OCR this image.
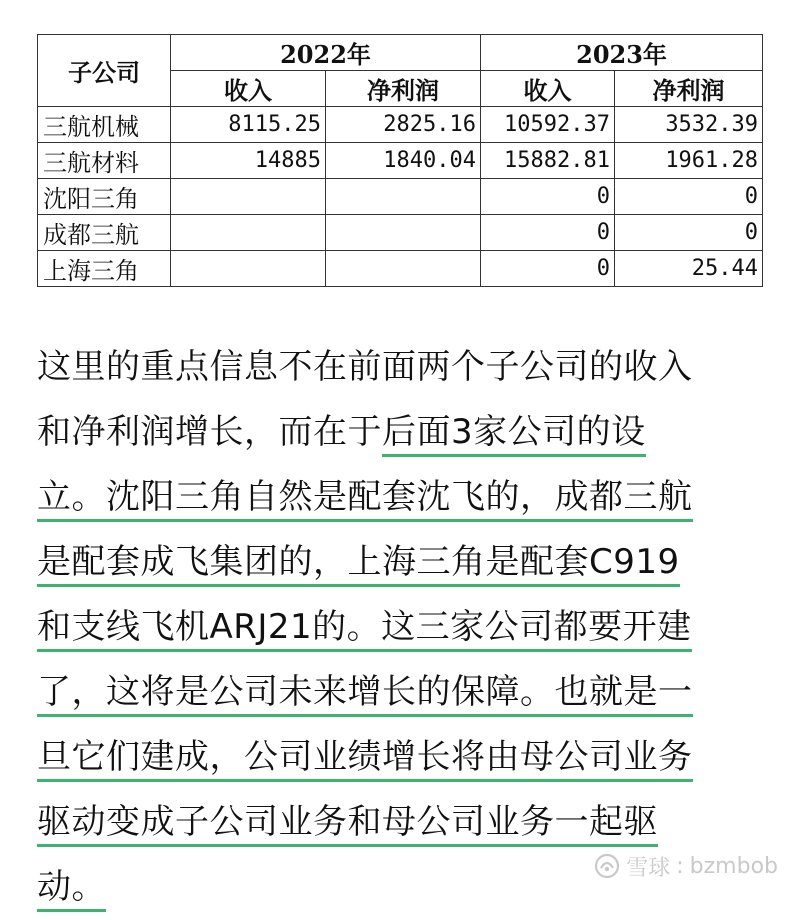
子公司	2022年		2023年	
	收入	净利润	收入	净利润
三航机械	8115.25	2825.16	10592.37	3532.39
三航材料	14885	1840.04	15882.81	1961.28
沈阳三角			0	0
成都三航			0	0
上海三角			0	25.44
这里的重点信息不在前面两个子公司的收入
和净利润增长，而在于后面3家公司的设
立。沈阳三角自然是配套沈飞的，成都三航
是配套成飞集团的，上海三角是配套C919
和支线飞机ARJ21的。这三家公司都要开建
了，这将是公司未来增长的保障。也就是一
旦它们建成，公司业绩增长将由母公司业务
驱动变成子公司业务和母公司业务一起驱
动。	雪球 : bzmbob
